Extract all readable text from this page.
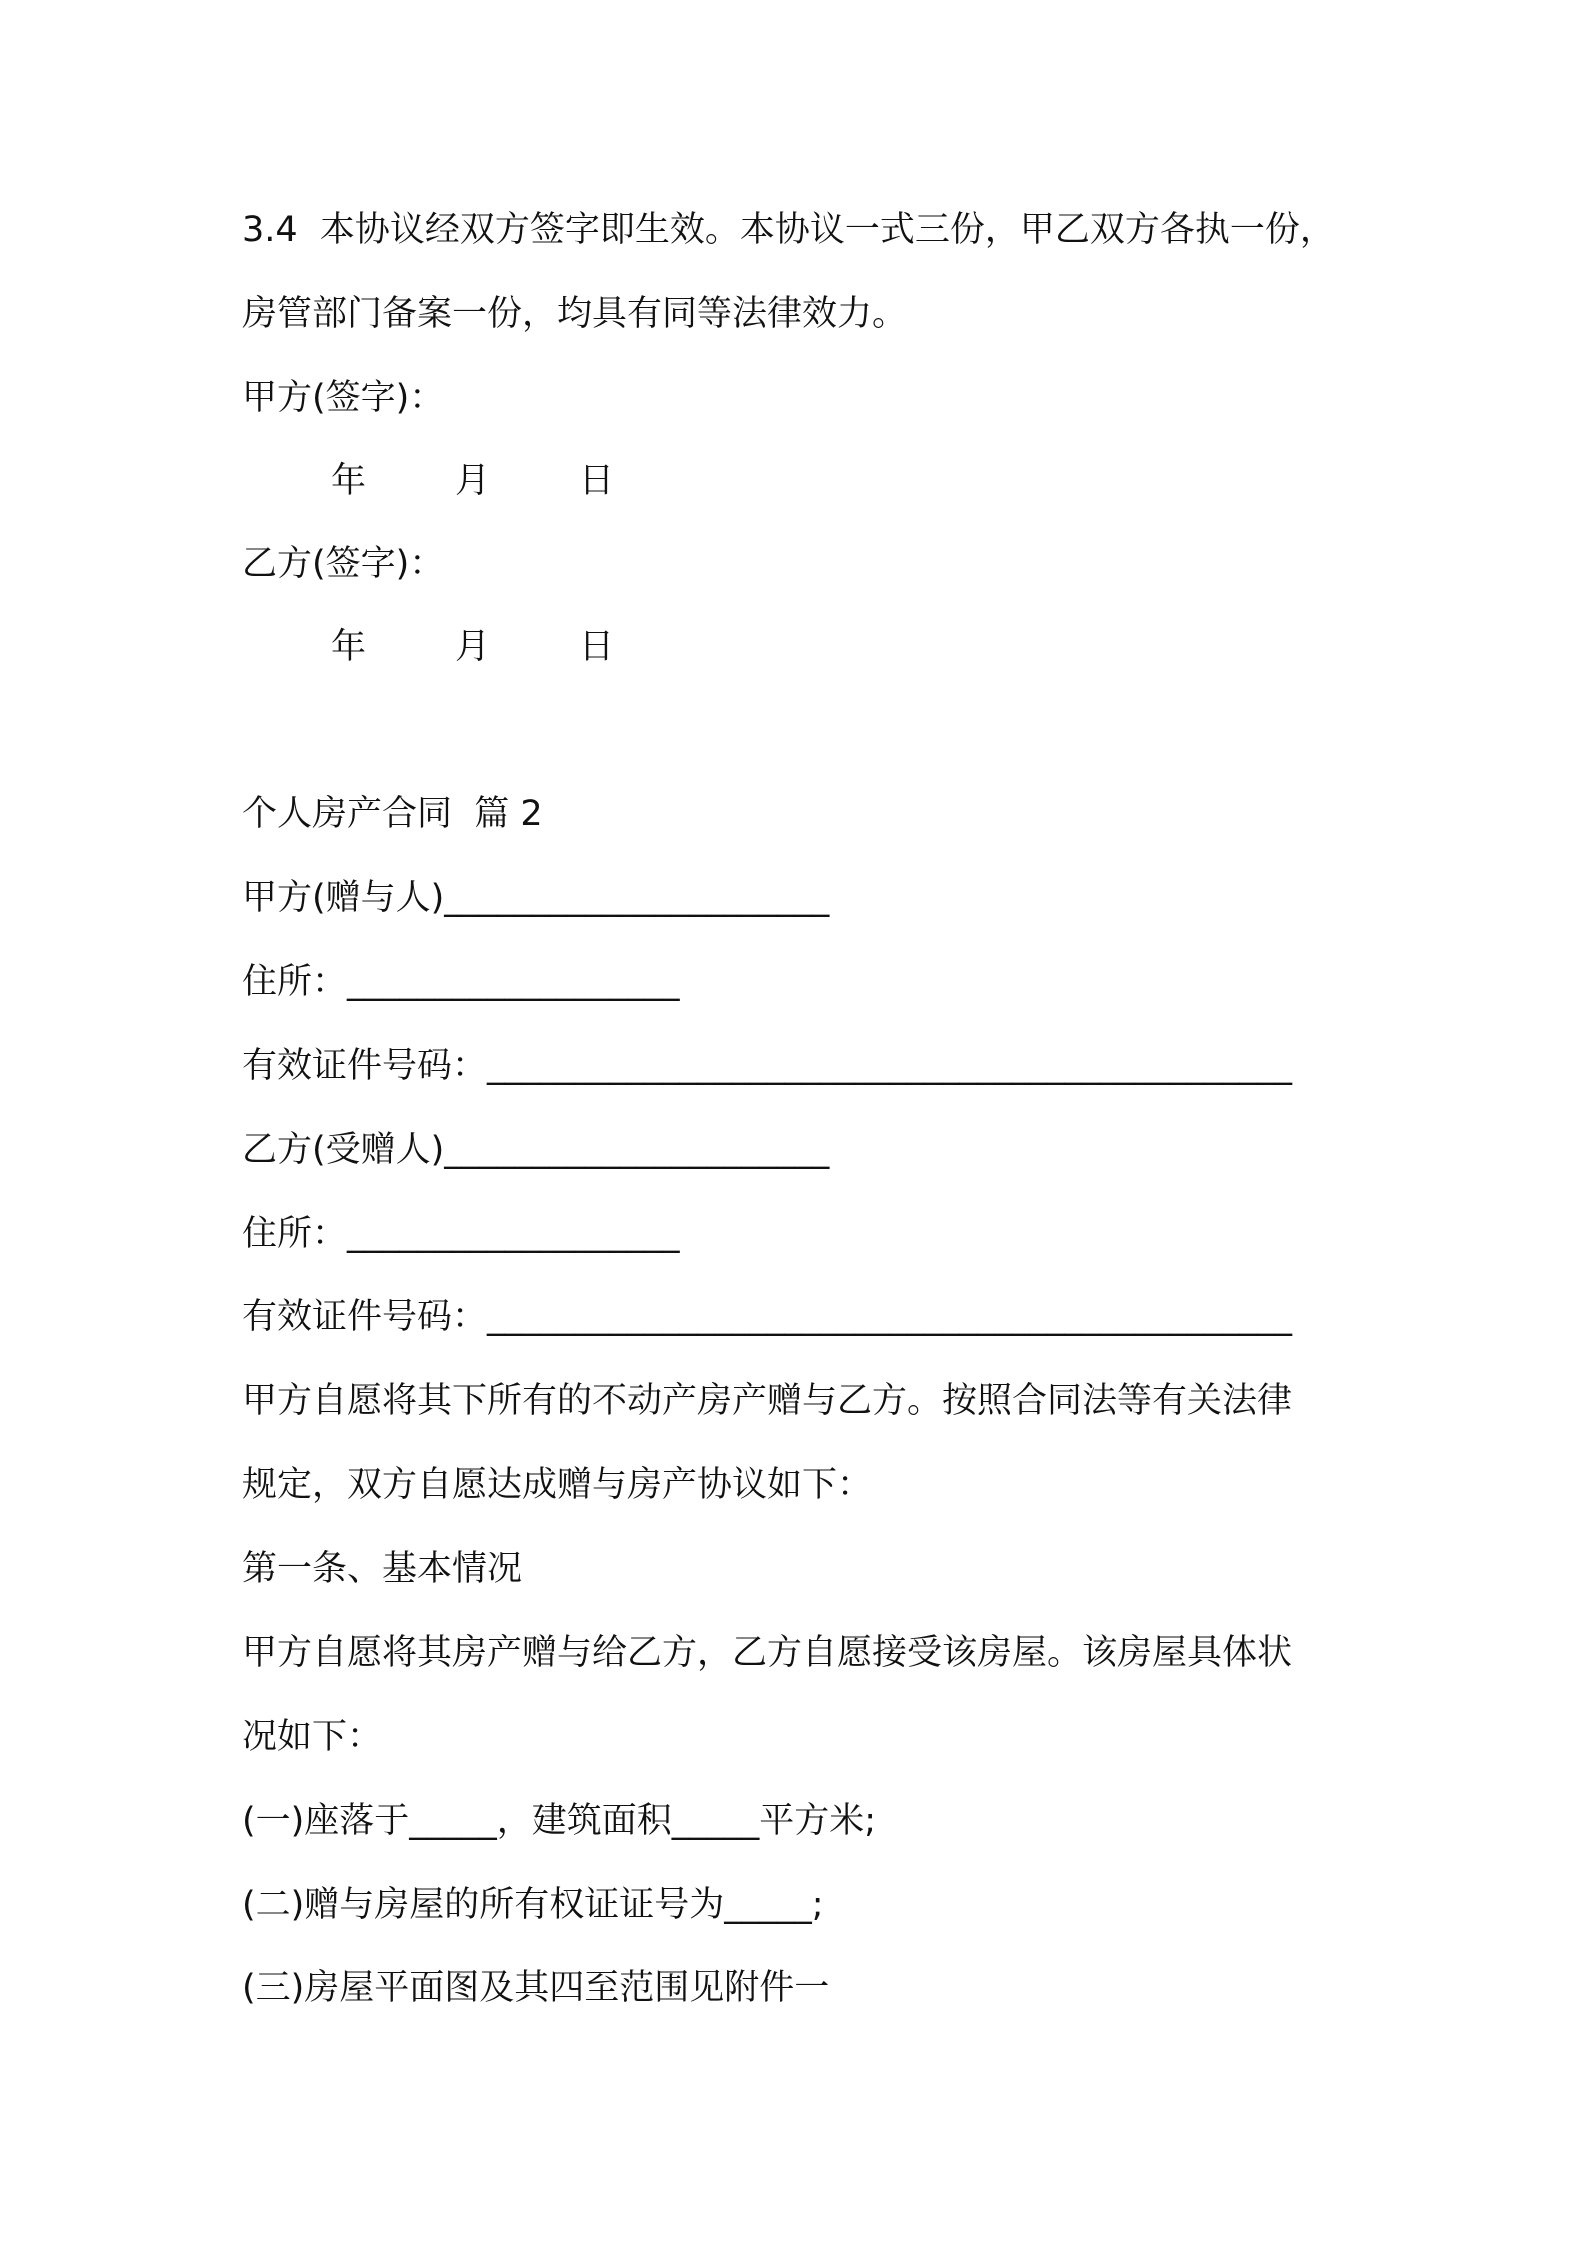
3.4  本协议经双方签字即生效。本协议一式三份，甲乙双方各执一份，
房管部门备案一份，均具有同等法律效力。
甲方(签字)：
年        月        日
乙方(签字)：
年        月        日
个人房产合同  篇 2
甲方(赠与人)______________________
住所：___________________
有效证件号码：______________________________________________
乙方(受赠人)______________________
住所：___________________
有效证件号码：______________________________________________
甲方自愿将其下所有的不动产房产赠与乙方。按照合同法等有关法律
规定，双方自愿达成赠与房产协议如下：
第一条、基本情况
甲方自愿将其房产赠与给乙方，乙方自愿接受该房屋。该房屋具体状
况如下：
(一)座落于_____，建筑面积_____平方米;
(二)赠与房屋的所有权证证号为_____;
(三)房屋平面图及其四至范围见附件一
